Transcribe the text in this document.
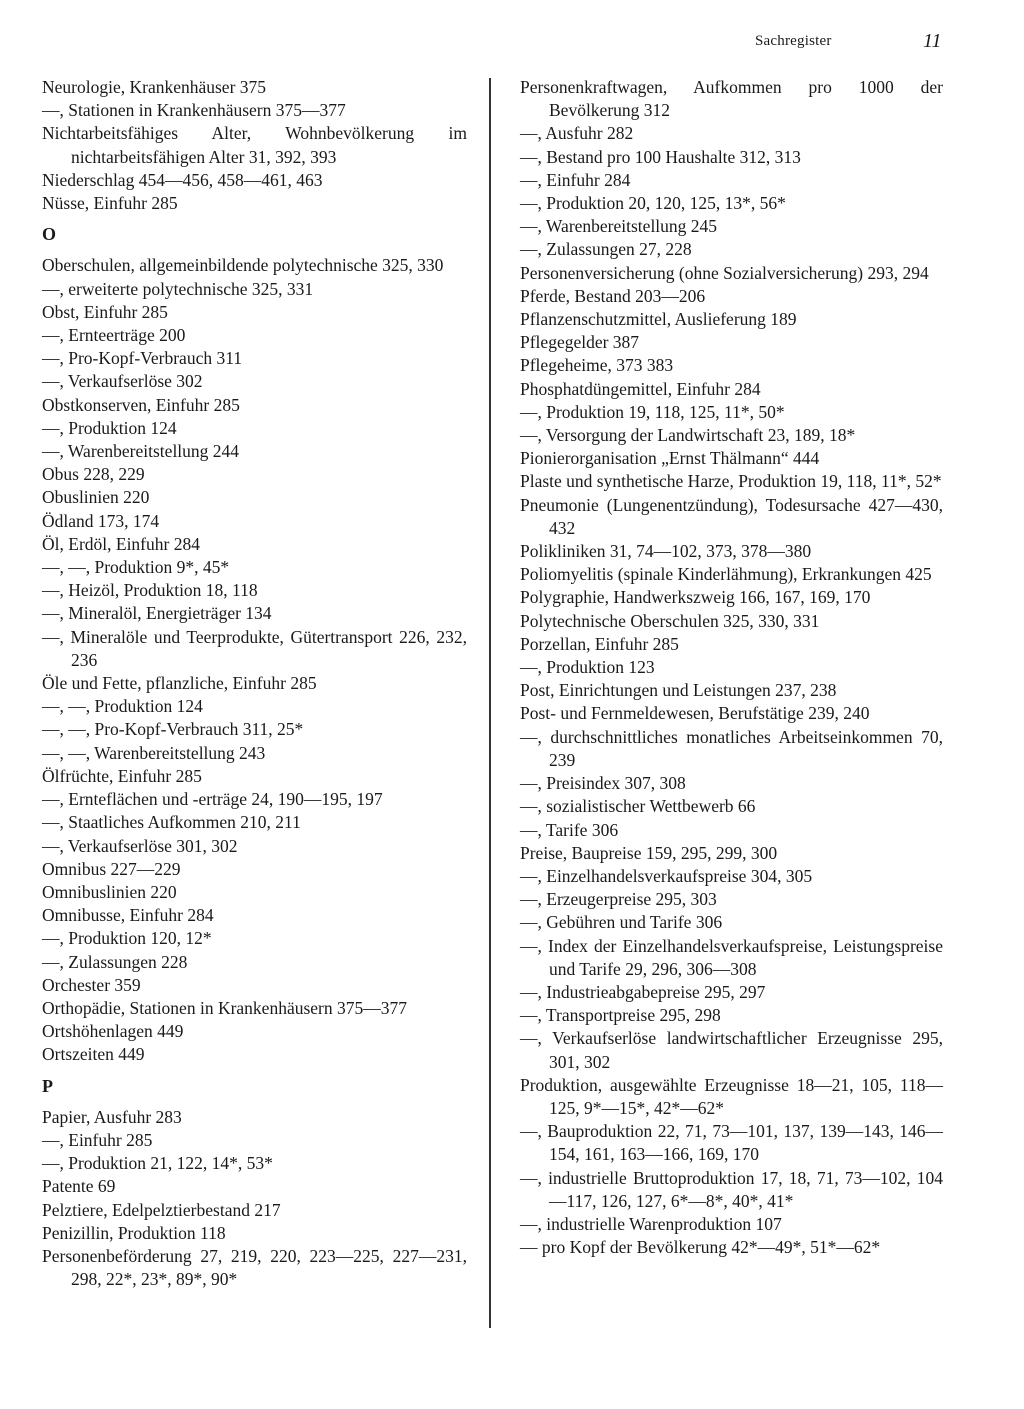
Sachregister	11
Neurologie, Krankenhäuser 375
—, Stationen in Krankenhäusern 375—377
Nichtarbeitsfähiges Alter, Wohnbevölkerung im nichtarbeitsfähigen Alter 31, 392, 393
Niederschlag 454—456, 458—461, 463
Nüsse, Einfuhr 285
O
Oberschulen, allgemeinbildende polytechnische 325, 330
—, erweiterte polytechnische 325, 331
Obst, Einfuhr 285
—, Ernteerträge 200
—, Pro-Kopf-Verbrauch 311
—, Verkaufserlöse 302
Obstkonserven, Einfuhr 285
—, Produktion 124
—, Warenbereitstellung 244
Obus 228, 229
Obuslinien 220
Ödland 173, 174
Öl, Erdöl, Einfuhr 284
—, —, Produktion 9*, 45*
—, Heizöl, Produktion 18, 118
—, Mineralöl, Energieträger 134
—, Mineralöle und Teerprodukte, Gütertransport 226, 232, 236
Öle und Fette, pflanzliche, Einfuhr 285
—, —, Produktion 124
—, —, Pro-Kopf-Verbrauch 311, 25*
—, —, Warenbereitstellung 243
Ölfrüchte, Einfuhr 285
—, Ernteflächen und -erträge 24, 190—195, 197
—, Staatliches Aufkommen 210, 211
—, Verkaufserlöse 301, 302
Omnibus 227—229
Omnibuslinien 220
Omnibusse, Einfuhr 284
—, Produktion 120, 12*
—, Zulassungen 228
Orchester 359
Orthopädie, Stationen in Krankenhäusern 375—377
Ortshöhenlagen 449
Ortszeiten 449
P
Papier, Ausfuhr 283
—, Einfuhr 285
—, Produktion 21, 122, 14*, 53*
Patente 69
Pelztiere, Edelpelztierbestand 217
Penizillin, Produktion 118
Personenbeförderung 27, 219, 220, 223—225, 227—231, 298, 22*, 23*, 89*, 90*
Personenkraftwagen, Aufkommen pro 1000 der Bevölkerung 312
—, Ausfuhr 282
—, Bestand pro 100 Haushalte 312, 313
—, Einfuhr 284
—, Produktion 20, 120, 125, 13*, 56*
—, Warenbereitstellung 245
—, Zulassungen 27, 228
Personenversicherung (ohne Sozialversicherung) 293, 294
Pferde, Bestand 203—206
Pflanzenschutzmittel, Auslieferung 189
Pflegegelder 387
Pflegeheime, 373 383
Phosphatdüngemittel, Einfuhr 284
—, Produktion 19, 118, 125, 11*, 50*
—, Versorgung der Landwirtschaft 23, 189, 18*
Pionierorganisation „Ernst Thälmann“ 444
Plaste und synthetische Harze, Produktion 19, 118, 11*, 52*
Pneumonie (Lungenentzündung), Todesursache 427—430, 432
Polikliniken 31, 74—102, 373, 378—380
Poliomyelitis (spinale Kinderlähmung), Erkrankungen 425
Polygraphie, Handwerkszweig 166, 167, 169, 170
Polytechnische Oberschulen 325, 330, 331
Porzellan, Einfuhr 285
—, Produktion 123
Post, Einrichtungen und Leistungen 237, 238
Post- und Fernmeldewesen, Berufstätige 239, 240
—, durchschnittliches monatliches Arbeitseinkommen 70, 239
—, Preisindex 307, 308
—, sozialistischer Wettbewerb 66
—, Tarife 306
Preise, Baupreise 159, 295, 299, 300
—, Einzelhandelsverkaufspreise 304, 305
—, Erzeugerpreise 295, 303
—, Gebühren und Tarife 306
—, Index der Einzelhandelsverkaufspreise, Leistungspreise und Tarife 29, 296, 306—308
—, Industrieabgabepreise 295, 297
—, Transportpreise 295, 298
—, Verkaufserlöse landwirtschaftlicher Erzeugnisse 295, 301, 302
Produktion, ausgewählte Erzeugnisse 18—21, 105, 118—125, 9*—15*, 42*—62*
—, Bauproduktion 22, 71, 73—101, 137, 139—143, 146—154, 161, 163—166, 169, 170
—, industrielle Bruttoproduktion 17, 18, 71, 73—102, 104—117, 126, 127, 6*—8*, 40*, 41*
—, industrielle Warenproduktion 107
— pro Kopf der Bevölkerung 42*—49*, 51*—62*
